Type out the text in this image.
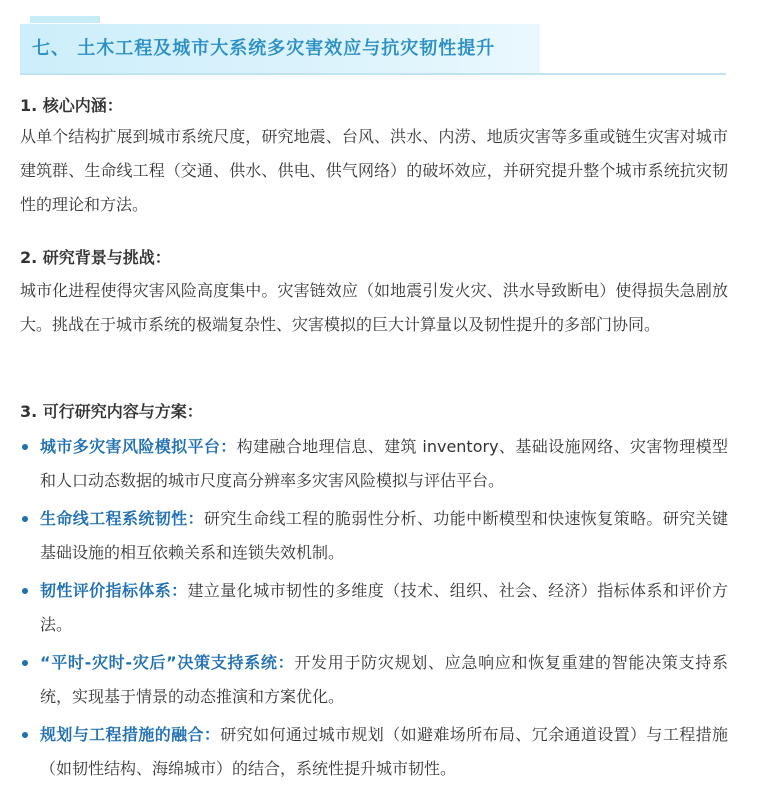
七、 土木工程及城市大系统多灾害效应与抗灾韧性提升
1. 核心内涵：
从单个结构扩展到城市系统尺度，研究地震、台风、洪水、内涝、地质灾害等多重或链生灾害对城市建筑群、生命线工程（交通、供水、供电、供气网络）的破坏效应，并研究提升整个城市系统抗灾韧性的理论和方法。
2. 研究背景与挑战：
城市化进程使得灾害风险高度集中。灾害链效应（如地震引发火灾、洪水导致断电）使得损失急剧放大。挑战在于城市系统的极端复杂性、灾害模拟的巨大计算量以及韧性提升的多部门协同。
3. 可行研究内容与方案：
城市多灾害风险模拟平台：构建融合地理信息、建筑 inventory、基础设施网络、灾害物理模型和人口动态数据的城市尺度高分辨率多灾害风险模拟与评估平台。
生命线工程系统韧性：研究生命线工程的脆弱性分析、功能中断模型和快速恢复策略。研究关键基础设施的相互依赖关系和连锁失效机制。
韧性评价指标体系：建立量化城市韧性的多维度（技术、组织、社会、经济）指标体系和评价方法。
“平时-灾时-灾后”决策支持系统：开发用于防灾规划、应急响应和恢复重建的智能决策支持系统，实现基于情景的动态推演和方案优化。
规划与工程措施的融合：研究如何通过城市规划（如避难场所布局、冗余通道设置）与工程措施（如韧性结构、海绵城市）的结合，系统性提升城市韧性。
